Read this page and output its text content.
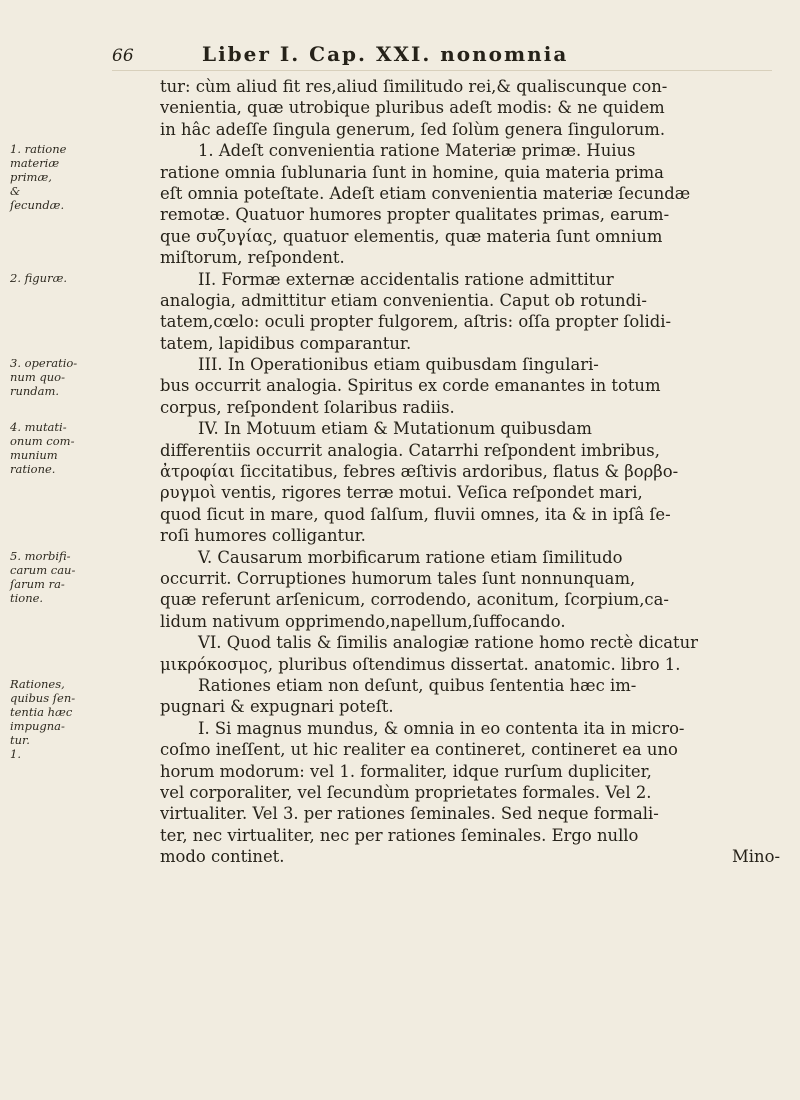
66	Liber I. Cap. XXI. nonomnia
1. ratione
materiæ
primæ,
&
ſecundæ.
2. figuræ.
3. operatio-
num quo-
rundam.
4. mutati-
onum com-
munium
ratione.
5. morbifi-
carum cau-
ſarum ra-
tione.
Rationes,
quibus ſen-
tentia hæc
impugna-
tur.
1.
tur: cùm aliud fit res,aliud ſimilitudo rei,& qualiscunque con-
venientia, quæ utrobique pluribus adeſt modis: & ne quidem
in hâc adeſſe ſingula generum, ſed ſolùm genera ſingulorum.
1. Adeſt convenientia ratione Materiæ primæ. Huius
ratione omnia ſublunaria ſunt in homine, quia materia prima
eſt omnia poteſtate. Adeſt etiam convenientia materiæ ſecundæ
remotæ. Quatuor humores propter qualitates primas, earum-
que συζυγίας, quatuor elementis, quæ materia ſunt omnium
miſtorum, reſpondent.
II. Formæ externæ accidentalis ratione admittitur
analogia, admittitur etiam convenientia. Caput ob rotundi-
tatem,cœlo: oculi propter fulgorem, aſtris: oſſa propter ſolidi-
tatem, lapidibus comparantur.
III. In Operationibus etiam quibusdam ſingulari-
bus occurrit analogia. Spiritus ex corde emanantes in totum
corpus, reſpondent ſolaribus radiis.
IV. In Motuum etiam & Mutationum quibusdam
differentiis occurrit analogia. Catarrhi reſpondent imbribus,
ἀτροφίαι ſiccitatibus, febres æſtivis ardoribus, flatus & βορβο-
ρυγμοὶ ventis, rigores terræ motui. Veſica reſpondet mari,
quod ſicut in mare, quod ſalſum, fluvii omnes, ita & in ipſâ ſe-
roſi humores colligantur.
V. Causarum morbificarum ratione etiam ſimilitudo
occurrit. Corruptiones humorum tales ſunt nonnunquam,
quæ referunt arſenicum, corrodendo, aconitum, ſcorpium,ca-
lidum nativum opprimendo,napellum,ſuffocando.
VI. Quod talis & ſimilis analogiæ ratione homo rectè dicatur
μικρόκοσμος, pluribus oſtendimus dissertat. anatomic. libro 1.
Rationes etiam non deſunt, quibus ſententia hæc im-
pugnari & expugnari poteſt.
I. Si magnus mundus, & omnia in eo contenta ita in micro-
coſmo ineſſent, ut hic realiter ea contineret, contineret ea uno
horum modorum: vel 1. formaliter, idque rurſum dupliciter,
vel corporaliter, vel ſecundùm proprietates formales. Vel 2.
virtualiter. Vel 3. per rationes ſeminales. Sed neque formali-
ter, nec virtualiter, nec per rationes ſeminales. Ergo nullo
modo continet.	Mino-
